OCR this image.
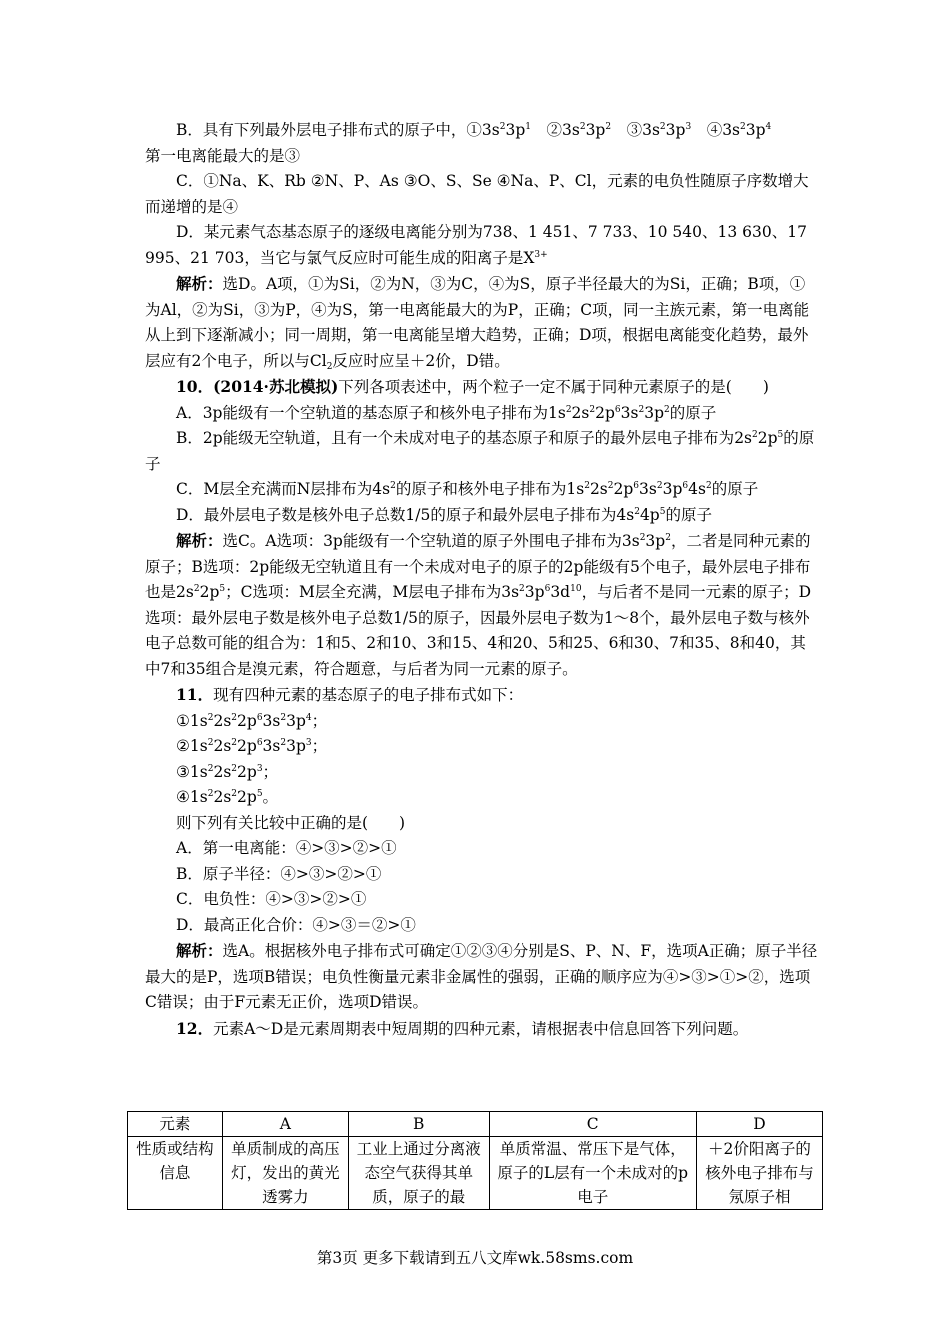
B．具有下列最外层电子排布式的原子中，$①3s^23p^1$　$②3s^23p^2$　$③3s^23p^3$　$④3s^23p^4$
第一电离能最大的是③

C．①Na、K、Rb ②N、P、As ③O、S、Se ④Na、P、Cl，元素的电负性随原子序数增大而递增的是④

D．某元素气态基态原子的逐级电离能分别为738、1 451、7 733、10 540、13 630、17 995、21 703，当它与氯气反应时可能生成的阳离子是$X^{3+}$

解析：选D。A项，①为Si，②为N，③为C，④为S，原子半径最大的为Si，正确；B项，①为Al，②为Si，③为P，④为S，第一电离能最大的为P，正确；C项，同一主族元素，第一电离能从上到下逐渐减小；同一周期，第一电离能呈增大趋势，正确；D项，根据电离能变化趋势，最外层应有2个电子，所以与$Cl_2$反应时应呈＋2价，D错。

10．(2014·苏北模拟)下列各项表述中，两个粒子一定不属于同种元素原子的是(　　)

A．3p能级有一个空轨道的基态原子和核外电子排布为$1s^22s^22p^63s^23p^2$的原子

B．2p能级无空轨道，且有一个未成对电子的基态原子和原子的最外层电子排布为$2s^22p^5$的原子

C．M层全充满而N层排布为$4s^2$的原子和核外电子排布为$1s^22s^22p^63s^23p^64s^2$的原子

D．最外层电子数是核外电子总数1/5的原子和最外层电子排布为$4s^24p^5$的原子

解析：选C。A选项：3p能级有一个空轨道的原子外围电子排布为$3s^23p^2$，二者是同种元素的原子；B选项：2p能级无空轨道且有一个未成对电子的原子的2p能级有5个电子，最外层电子排布也是$2s^22p^5$；C选项：M层全充满，M层电子排布为$3s^23p^63d^{10}$，与后者不是同一元素的原子；D选项：最外层电子数是核外电子总数1/5的原子，因最外层电子数为1～8个，最外层电子数与核外电子总数可能的组合为：1和5、2和10、3和15、4和20、5和25、6和30、7和35、8和40，其中7和35组合是溴元素，符合题意，与后者为同一元素的原子。

11．现有四种元素的基态原子的电子排布式如下：

$①1s^22s^22p^63s^23p^4$；

$②1s^22s^22p^63s^23p^3$；

$③1s^22s^22p^3$；

$④1s^22s^22p^5$。

则下列有关比较中正确的是(　　)

A．第一电离能：④>③>②>①

B．原子半径：④>③>②>①

C．电负性：④>③>②>①

D．最高正化合价：④>③＝②>①

解析：选A。根据核外电子排布式可确定①②③④分别是S、P、N、F，选项A正确；原子半径最大的是P，选项B错误；电负性衡量元素非金属性的强弱，正确的顺序应为④>③>①>②，选项C错误；由于F元素无正价，选项D错误。

12．元素A～D是元素周期表中短周期的四种元素，请根据表中信息回答下列问题。

元素	A	B	C	D
性质或结构信息	单质制成的高压灯，发出的黄光透雾力	工业上通过分离液态空气获得其单质，原子的最	单质常温、常压下是气体，原子的L层有一个未成对的p电子	＋2价阳离子的核外电子排布与氖原子相
第3页 更多下载请到五八文库wk.58sms.com
